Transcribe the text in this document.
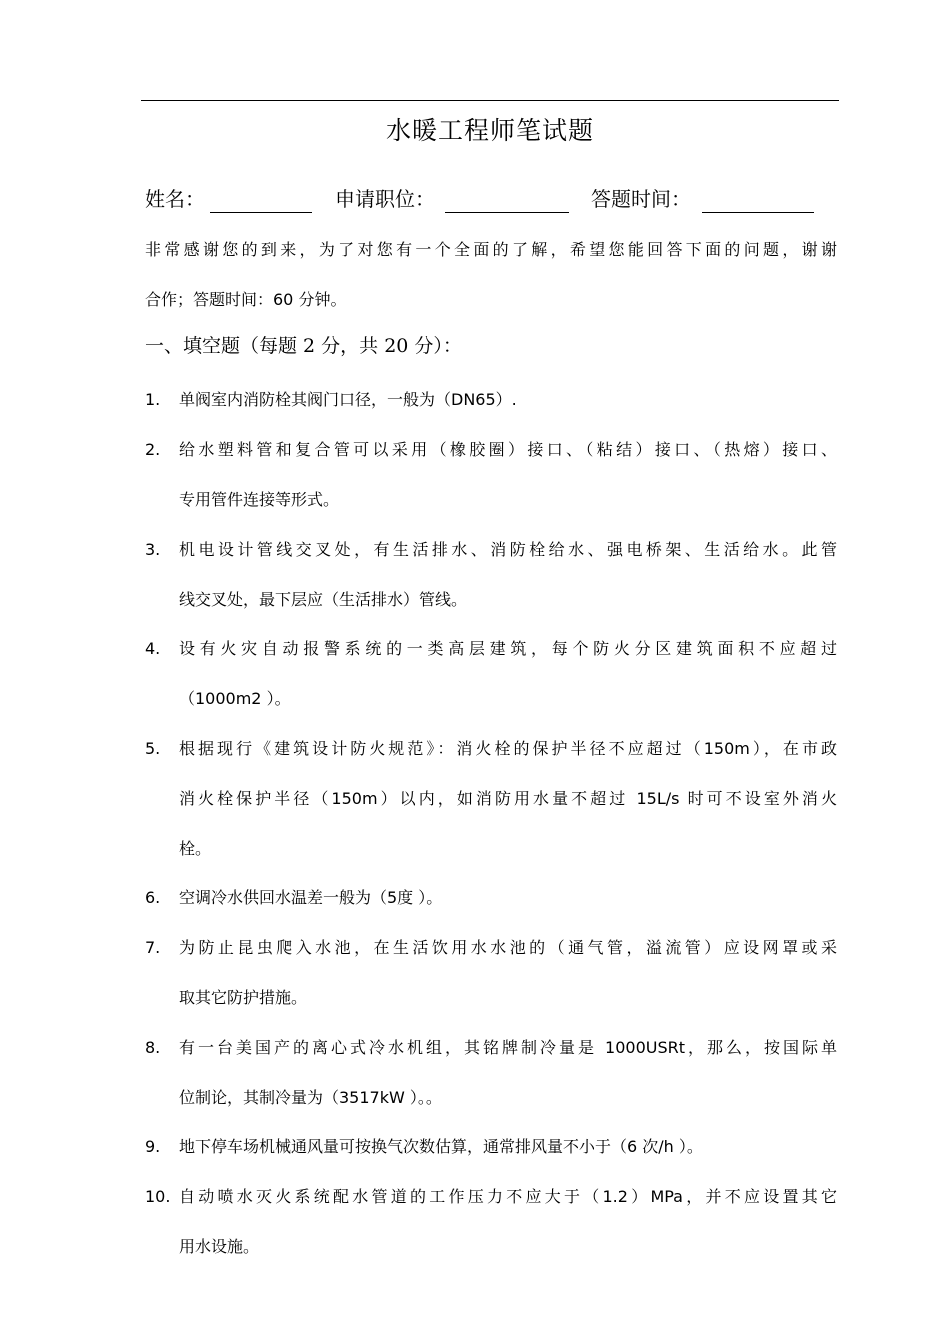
水暖工程师笔试题
姓名：	申请职位：	答题时间：
非常感谢您的到来，为了对您有一个全面的了解，希望您能回答下面的问题，谢谢
合作；答题时间：60 分钟。
一、填空题（每题 2 分，共 20 分）：
1. 单阀室内消防栓其阀门口径，一般为（DN65）.
2. 给水塑料管和复合管可以采用（橡胶圈）接口、（粘结）接口、（热熔）接口、
专用管件连接等形式。
3. 机电设计管线交叉处，有生活排水、消防栓给水、强电桥架、生活给水。此管
线交叉处，最下层应（生活排水）管线。
4. 设有火灾自动报警系统的一类高层建筑，每个防火分区建筑面积不应超过
（1000m2 ）。
5. 根据现行《建筑设计防火规范》：消火栓的保护半径不应超过（150m），在市政
消火栓保护半径（150m）以内，如消防用水量不超过 15L/s 时可不设室外消火
栓。
6. 空调冷水供回水温差一般为（5度 ）。
7. 为防止昆虫爬入水池，在生活饮用水水池的（通气管，溢流管）应设网罩或采
取其它防护措施。
8. 有一台美国产的离心式冷水机组，其铭牌制冷量是 1000USRt，那么，按国际单
位制论，其制冷量为（3517kW ）。。
9. 地下停车场机械通风量可按换气次数估算，通常排风量不小于（6 次/h ）。
10. 自动喷水灭火系统配水管道的工作压力不应大于（1.2）MPa，并不应设置其它
用水设施。
